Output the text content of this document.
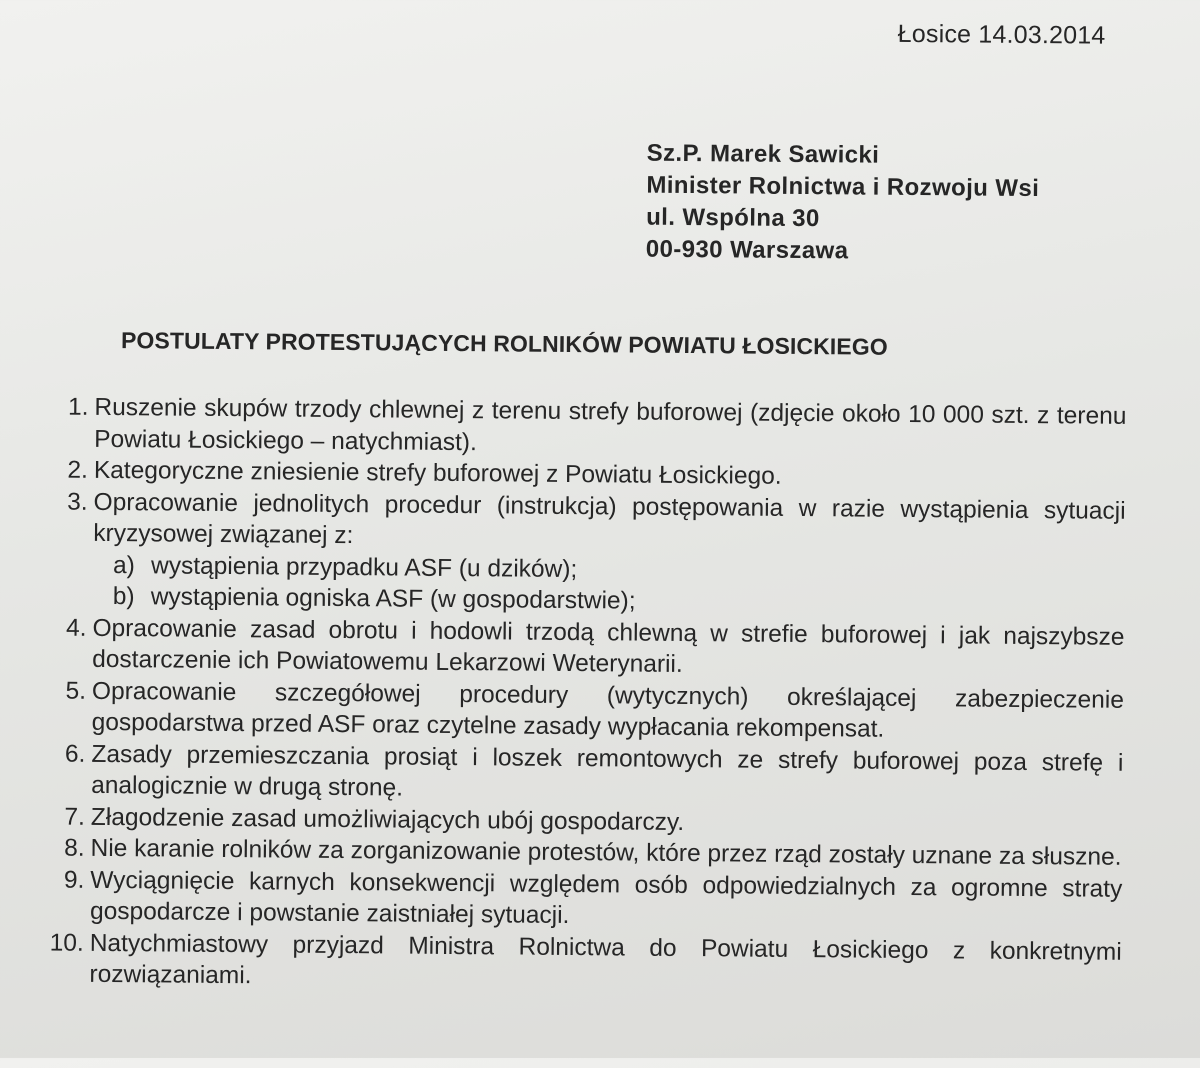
Łosice 14.03.2014
Sz.P. Marek Sawicki
Minister Rolnictwa i Rozwoju Wsi
ul. Wspólna 30
00-930 Warszawa
POSTULATY PROTESTUJĄCYCH ROLNIKÓW POWIATU ŁOSICKIEGO
1. Ruszenie skupów trzody chlewnej z terenu strefy buforowej (zdjęcie około 10 000 szt. z terenu Powiatu Łosickiego – natychmiast).
2. Kategoryczne zniesienie strefy buforowej z Powiatu Łosickiego.
3. Opracowanie jednolitych procedur (instrukcja) postępowania w razie wystąpienia sytuacji kryzysowej związanej z:
a) wystąpienia przypadku ASF (u dzików);
b) wystąpienia ogniska ASF (w gospodarstwie);
4. Opracowanie zasad obrotu i hodowli trzodą chlewną w strefie buforowej i jak najszybsze dostarczenie ich Powiatowemu Lekarzowi Weterynarii.
5. Opracowanie szczegółowej procedury (wytycznych) określającej zabezpieczenie gospodarstwa przed ASF oraz czytelne zasady wypłacania rekompensat.
6. Zasady przemieszczania prosiąt i loszek remontowych ze strefy buforowej poza strefę i analogicznie w drugą stronę.
7. Złagodzenie zasad umożliwiających ubój gospodarczy.
8. Nie karanie rolników za zorganizowanie protestów, które przez rząd zostały uznane za słuszne.
9. Wyciągnięcie karnych konsekwencji względem osób odpowiedzialnych za ogromne straty gospodarcze i powstanie zaistniałej sytuacji.
10. Natychmiastowy przyjazd Ministra Rolnictwa do Powiatu Łosickiego z konkretnymi rozwiązaniami.
